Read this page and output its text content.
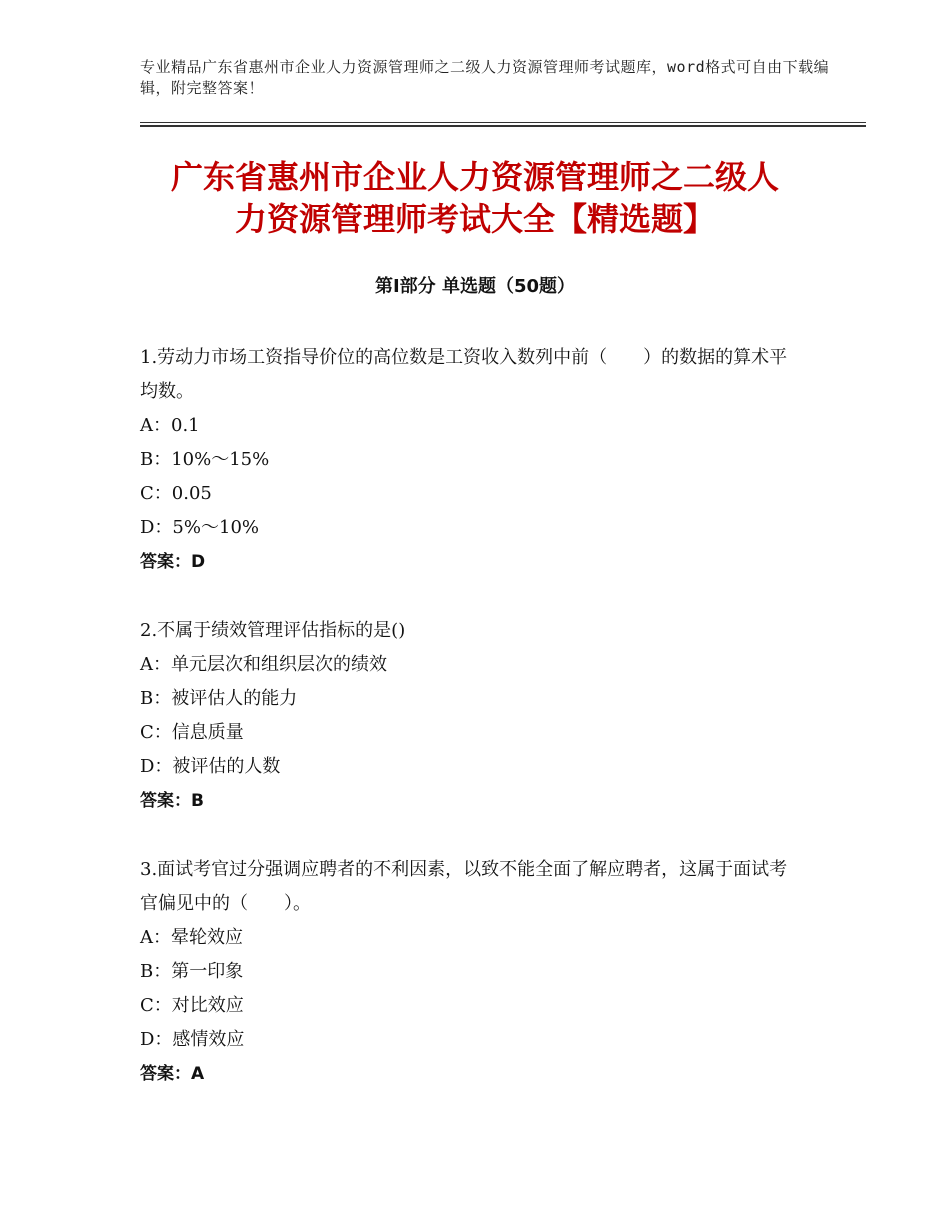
专业精品广东省惠州市企业人力资源管理师之二级人力资源管理师考试题库，word格式可自由下载编辑，附完整答案！
广东省惠州市企业人力资源管理师之二级人
力资源管理师考试大全【精选题】
第Ⅰ部分 单选题（50题）

1.劳动力市场工资指导价位的高位数是工资收入数列中前（　　）的数据的算术平均数。

A：0.1

B：10%～15%

C：0.05

D：5%～10%

答案：D

2.不属于绩效管理评估指标的是()

A：单元层次和组织层次的绩效

B：被评估人的能力

C：信息质量

D：被评估的人数

答案：B

3.面试考官过分强调应聘者的不利因素，以致不能全面了解应聘者，这属于面试考官偏见中的（　　）。

A：晕轮效应

B：第一印象

C：对比效应

D：感情效应

答案：A
